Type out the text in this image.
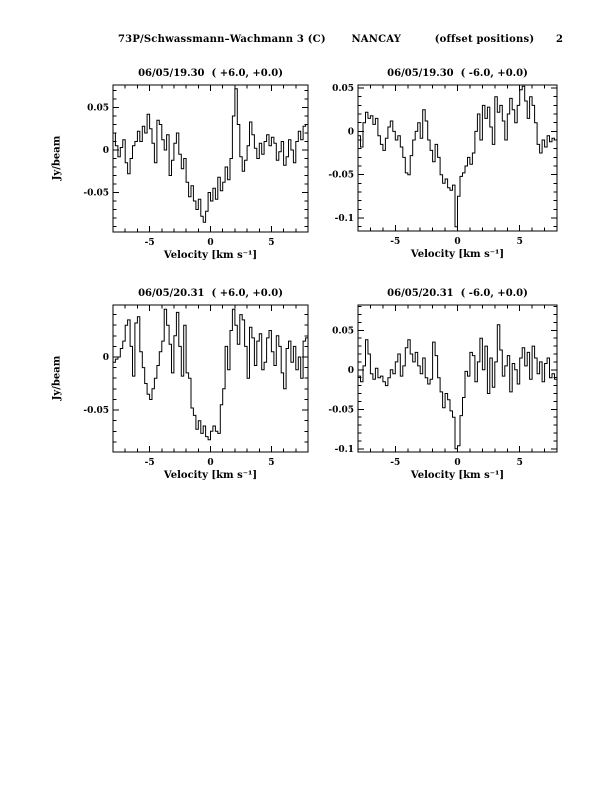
73P/Schwassmann–Wachmann 3 (C)	NANCAY	(offset positions) 2
Jy/beam
Jy/beam
-5	0	5
0.05
0
-0.05
06/05/19.30  ( +6.0, +0.0)
Velocity [km s⁻¹]
-5	0	5
0.05
0
-0.05
-0.1
06/05/19.30  ( -6.0, +0.0)
Velocity [km s⁻¹]
-5	0	5
0
-0.05
06/05/20.31  ( +6.0, +0.0)
Velocity [km s⁻¹]
-5	0	5
0.05
0
-0.05
-0.1
06/05/20.31  ( -6.0, +0.0)
Velocity [km s⁻¹]
